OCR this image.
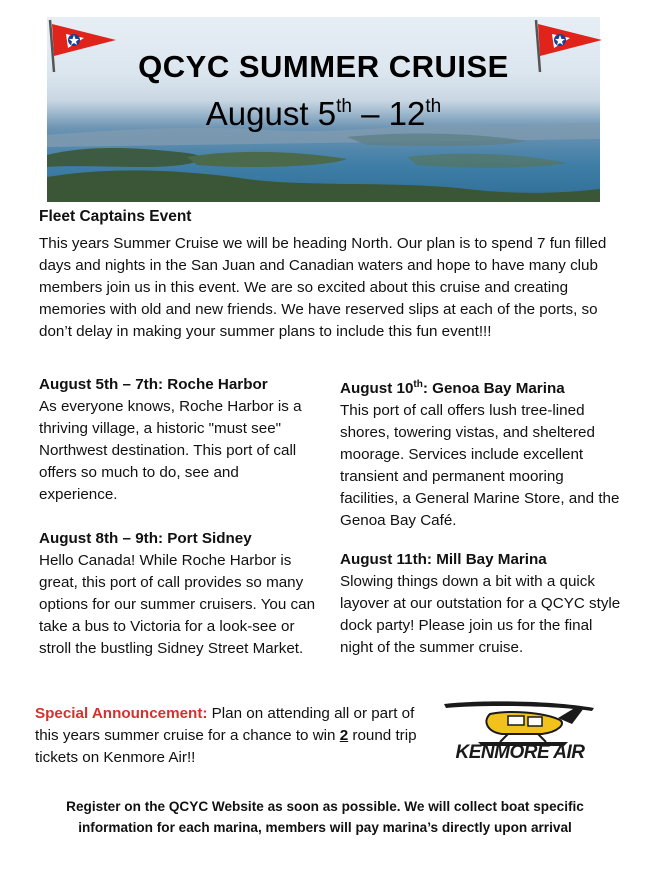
QCYC SUMMER CRUISE
August 5th – 12th
Fleet Captains Event
This years Summer Cruise we will be heading North. Our plan is to spend 7 fun filled days and nights in the San Juan and Canadian waters and hope to have many club members join us in this event. We are so excited about this cruise and creating memories with old and new friends. We have reserved slips at each of the ports, so don’t delay in making your summer plans to include this fun event!!!
August 5th – 7th: Roche Harbor
As everyone knows, Roche Harbor is a thriving village, a historic "must see" Northwest destination. This port of call offers so much to do, see and experience.
August 8th – 9th: Port Sidney
Hello Canada! While Roche Harbor is great, this port of call provides so many options for our summer cruisers. You can take a bus to Victoria for a look-see or stroll the bustling Sidney Street Market.
August 10th: Genoa Bay Marina
This port of call offers lush tree-lined shores, towering vistas, and sheltered moorage. Services include excellent transient and permanent mooring facilities, a General Marine Store, and the Genoa Bay Café.
August 11th: Mill Bay Marina
Slowing things down a bit with a quick layover at our outstation for a QCYC style dock party! Please join us for the final night of the summer cruise.
Special Announcement: Plan on attending all or part of this years summer cruise for a chance to win 2 round trip tickets on Kenmore Air!!	KENMORE AIR
Register on the QCYC Website as soon as possible. We will collect boat specific
information for each marina, members will pay marina’s directly upon arrival
